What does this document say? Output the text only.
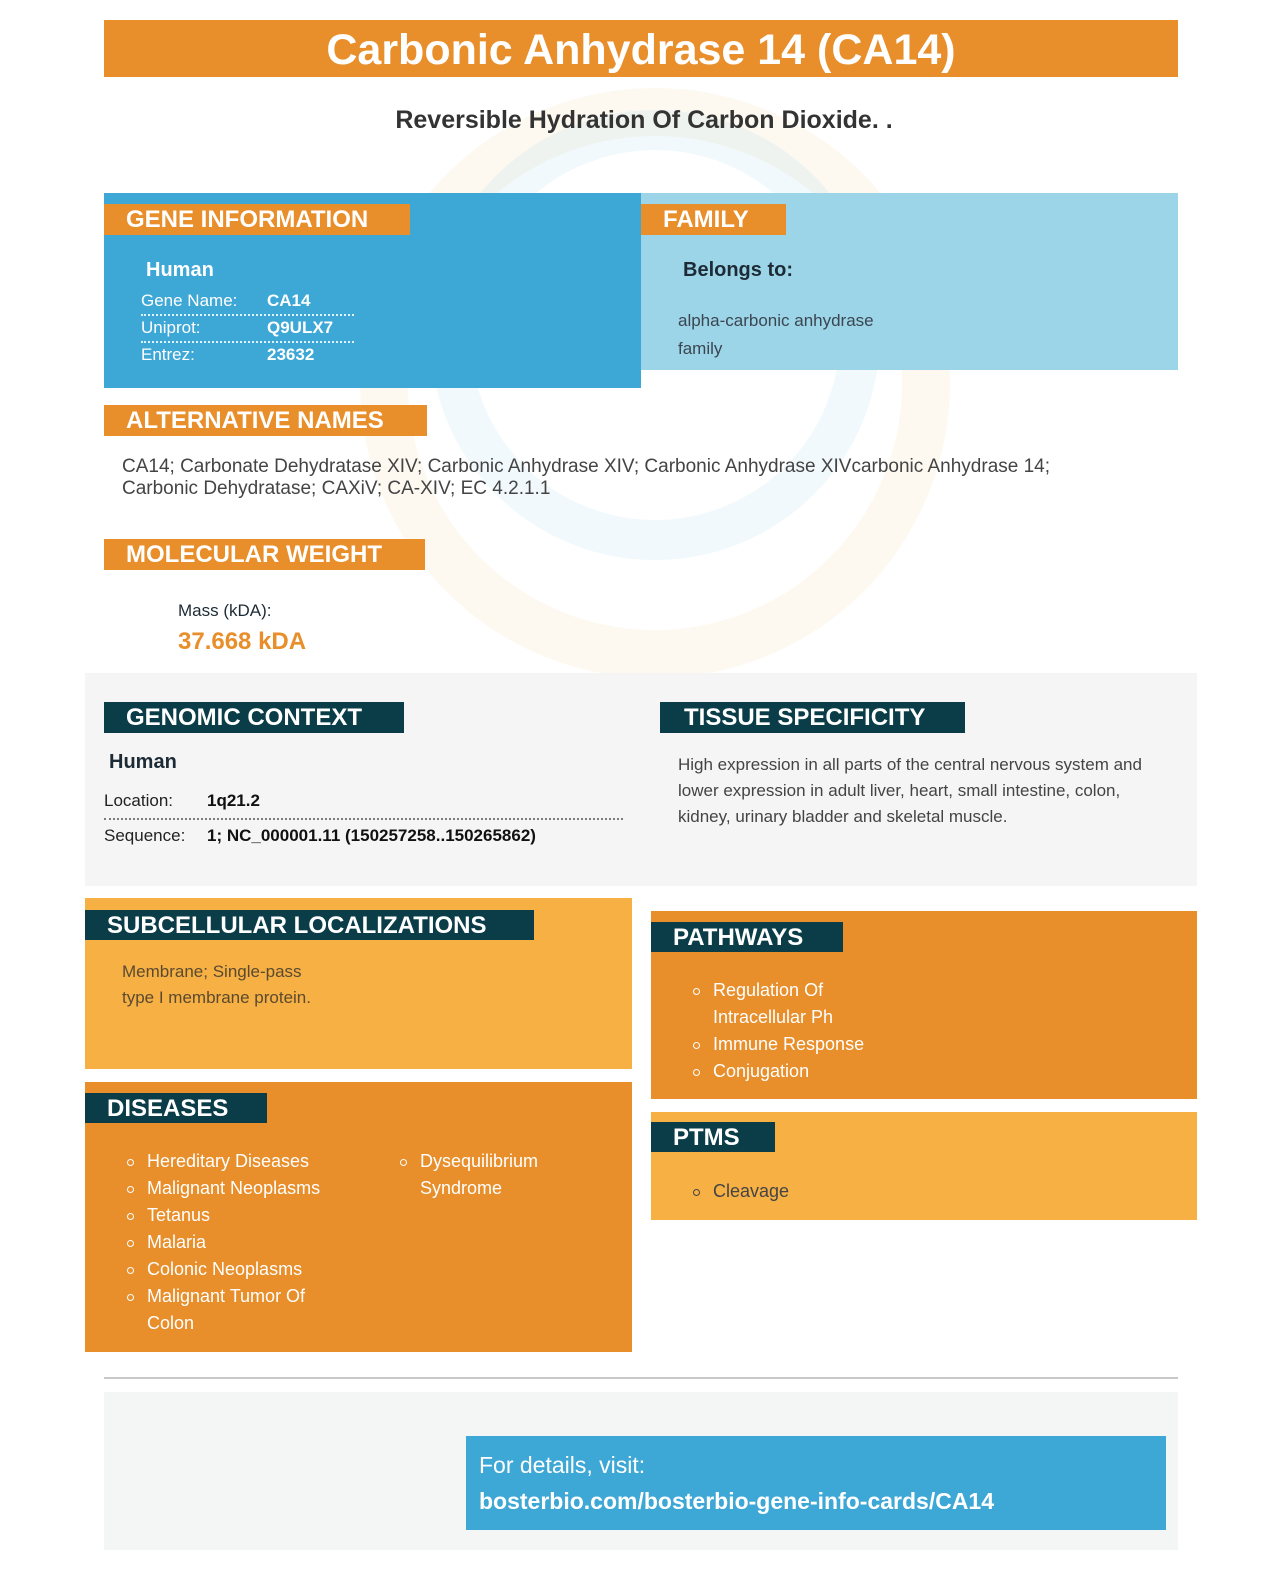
Carbonic Anhydrase 14 (CA14)
Reversible Hydration Of Carbon Dioxide. .
GENE INFORMATION
Human
Gene Name: CA14
Uniprot:	Q9ULX7
Entrez:	23632
FAMILY
Belongs to:
alpha-carbonic anhydrase
family
ALTERNATIVE NAMES
CA14; Carbonate Dehydratase XIV; Carbonic Anhydrase XIV; Carbonic Anhydrase XIVcarbonic Anhydrase 14;
Carbonic Dehydratase; CAXiV; CA-XIV; EC 4.2.1.1
MOLECULAR WEIGHT
Mass (kDA):
37.668 kDA
GENOMIC CONTEXT
Human
Location: 1q21.2
Sequence: 1; NC_000001.11 (150257258..150265862)
TISSUE SPECIFICITY
High expression in all parts of the central nervous system and
lower expression in adult liver, heart, small intestine, colon,
kidney, urinary bladder and skeletal muscle.
SUBCELLULAR LOCALIZATIONS
Membrane; Single-pass
type I membrane protein.
PATHWAYS
Regulation Of
Intracellular Ph
Immune Response
Conjugation
DISEASES
Hereditary Diseases
Malignant Neoplasms
Tetanus
Malaria
Colonic Neoplasms
Malignant Tumor Of
Colon
Dysequilibrium
Syndrome
PTMS
Cleavage
For details, visit:
bosterbio.com/bosterbio-gene-info-cards/CA14
